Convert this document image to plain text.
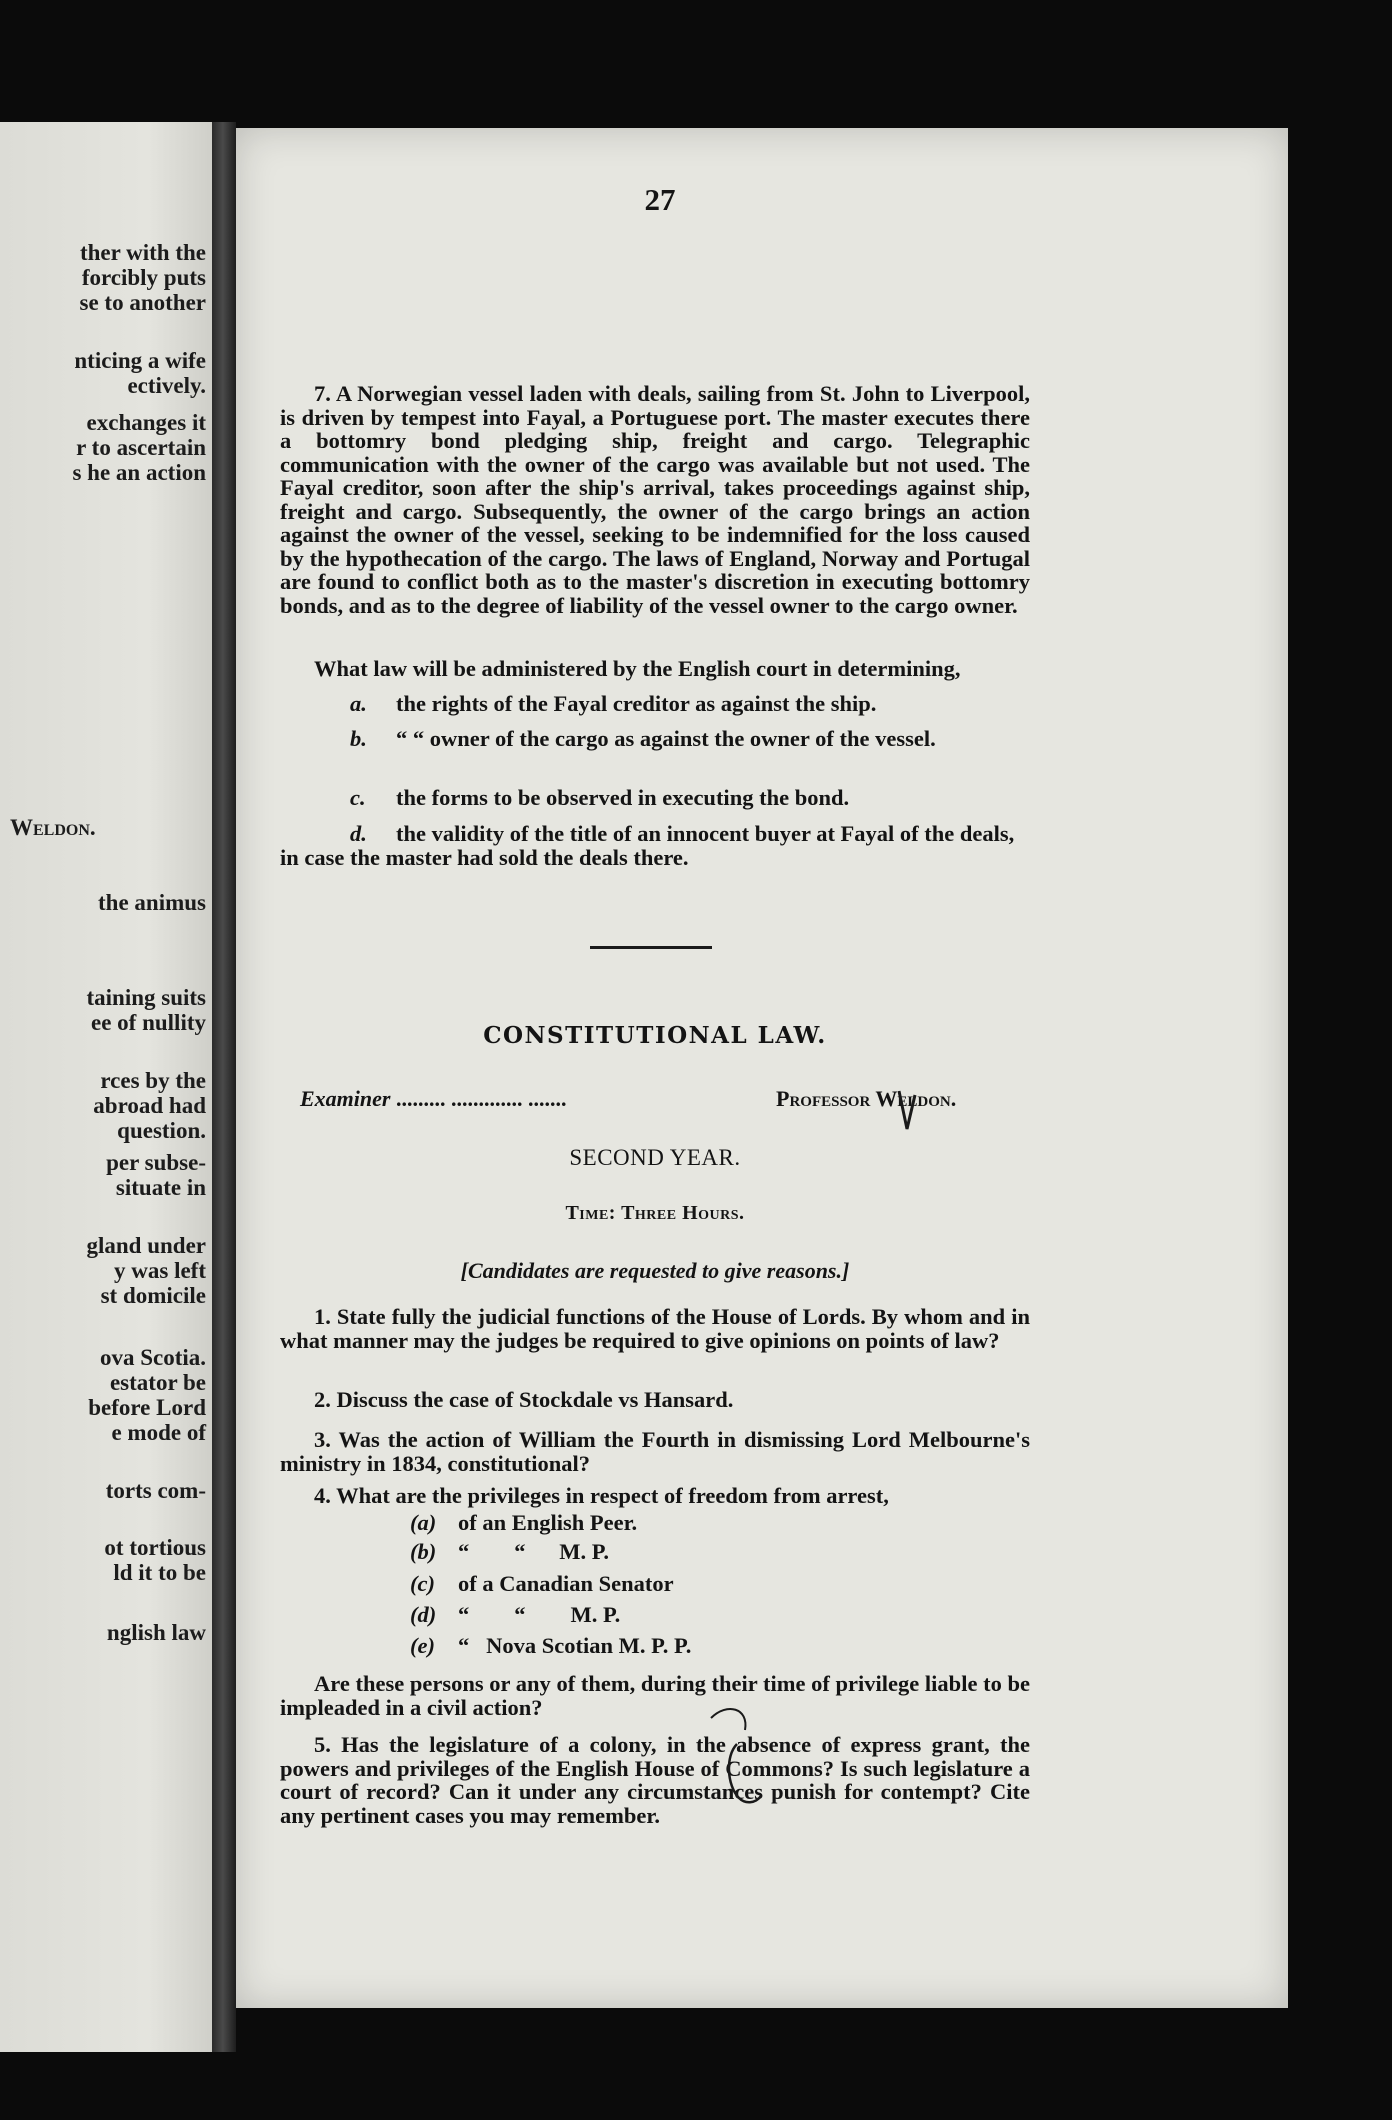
ther with the
forcibly puts
se to another
nticing a wife
ectively.
exchanges it
r to ascertain
s he an action
the animus
taining suits
ee of nullity
rces by the
abroad had
question.
per subse-
situate in
gland under
y was left
st domicile
ova Scotia.
estator be
before Lord
e mode of
torts com-
ot tortious
ld it to be
nglish law
Weldon.
27
7. A Norwegian vessel laden with deals, sailing from St. John to Liverpool, is driven by tempest into Fayal, a Portuguese port. The master executes there a bottomry bond pledging ship, freight and cargo. Telegraphic communication with the owner of the cargo was available but not used. The Fayal creditor, soon after the ship's arrival, takes proceedings against ship, freight and cargo. Subsequently, the owner of the cargo brings an action against the owner of the vessel, seeking to be indemnified for the loss caused by the hypothecation of the cargo. The laws of England, Norway and Portugal are found to conflict both as to the master's discretion in executing bottomry bonds, and as to the degree of liability of the vessel owner to the cargo owner.
What law will be administered by the English court in determining,
a. the rights of the Fayal creditor as against the ship.
b. “ “ owner of the cargo as against the owner of the vessel.
c. the forms to be observed in executing the bond.
d. the validity of the title of an innocent buyer at Fayal of the deals, in case the master had sold the deals there.
CONSTITUTIONAL LAW.
Examiner ......... ............. .......	Professor Weldon.
SECOND YEAR.
Time: Three Hours.
[Candidates are requested to give reasons.]
1. State fully the judicial functions of the House of Lords. By whom and in what manner may the judges be required to give opinions on points of law?
2. Discuss the case of Stockdale vs Hansard.
3. Was the action of William the Fourth in dismissing Lord Melbourne's ministry in 1834, constitutional?
4. What are the privileges in respect of freedom from arrest,
(a) of an English Peer.
(b) “        “      M. P.
(c) of a Canadian Senator
(d) “        “        M. P.
(e) “   Nova Scotian M. P. P.
Are these persons or any of them, during their time of privilege liable to be impleaded in a civil action?
5. Has the legislature of a colony, in the absence of express grant, the powers and privileges of the English House of Commons? Is such legislature a court of record? Can it under any circumstances punish for contempt? Cite any pertinent cases you may remember.
